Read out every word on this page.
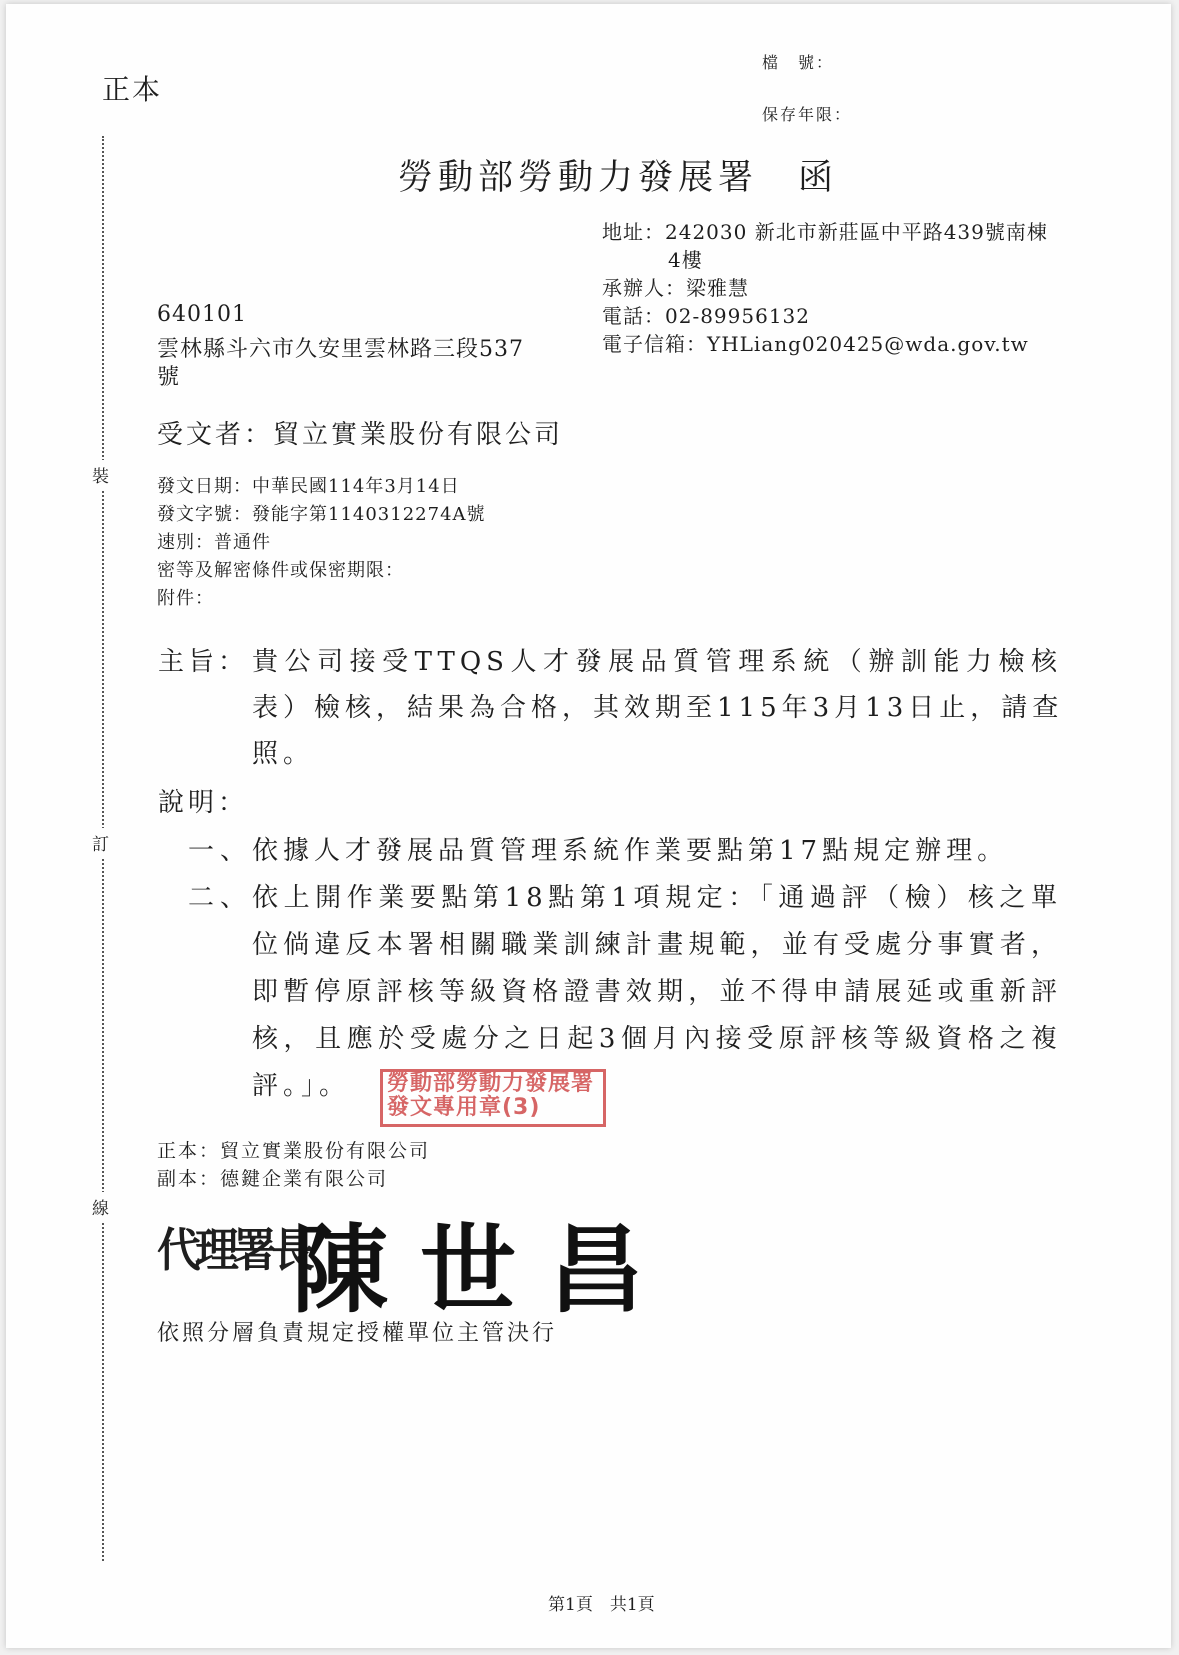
正本
檔　號：
保存年限：
裝
訂
線
勞動部勞動力發展署 函
地址：242030 新北市新莊區中平路439號南棟
4樓
承辦人：梁雅慧
電話：02-89956132
電子信箱：YHLiang020425@wda.gov.tw
640101
雲林縣斗六市久安里雲林路三段537
號
受文者：貿立實業股份有限公司
發文日期：中華民國114年3月14日
發文字號：發能字第1140312274A號
速別：普通件
密等及解密條件或保密期限：
附件：
主旨： 貴公司接受TTQS人才發展品質管理系統（辦訓能力檢核
表）檢核，結果為合格，其效期至115年3月13日止，請查
照。
說明：
一、 依據人才發展品質管理系統作業要點第17點規定辦理。
二、 依上開作業要點第18點第1項規定：「通過評（檢）核之單
位倘違反本署相關職業訓練計畫規範，並有受處分事實者，
即暫停原評核等級資格證書效期，並不得申請展延或重新評
核，且應於受處分之日起3個月內接受原評核等級資格之複
評。」。	勞動部勞動力發展署
發文專用章(3)
正本：貿立實業股份有限公司
副本：德鍵企業有限公司
代理署長
陳世昌
依照分層負責規定授權單位主管決行
第1頁　共1頁
